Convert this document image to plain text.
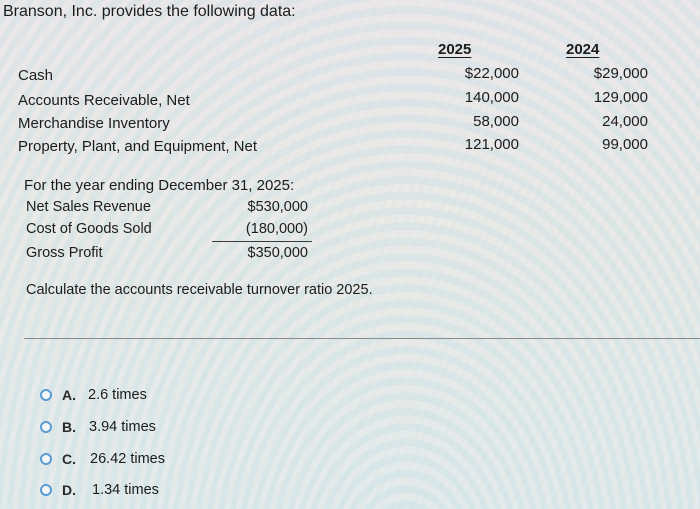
Branson, Inc. provides the following data:
2025	2024
Cash	$22,000	$29,000
Accounts Receivable, Net	140,000	129,000
Merchandise Inventory	58,000	24,000
Property, Plant, and Equipment, Net	121,000	99,000
For the year ending December 31, 2025:
Net Sales Revenue	$530,000
Cost of Goods Sold	(180,000)
Gross Profit	$350,000
Calculate the accounts receivable turnover ratio 2025.
A. 2.6 times
B. 3.94 times
C. 26.42 times
D. 1.34 times
